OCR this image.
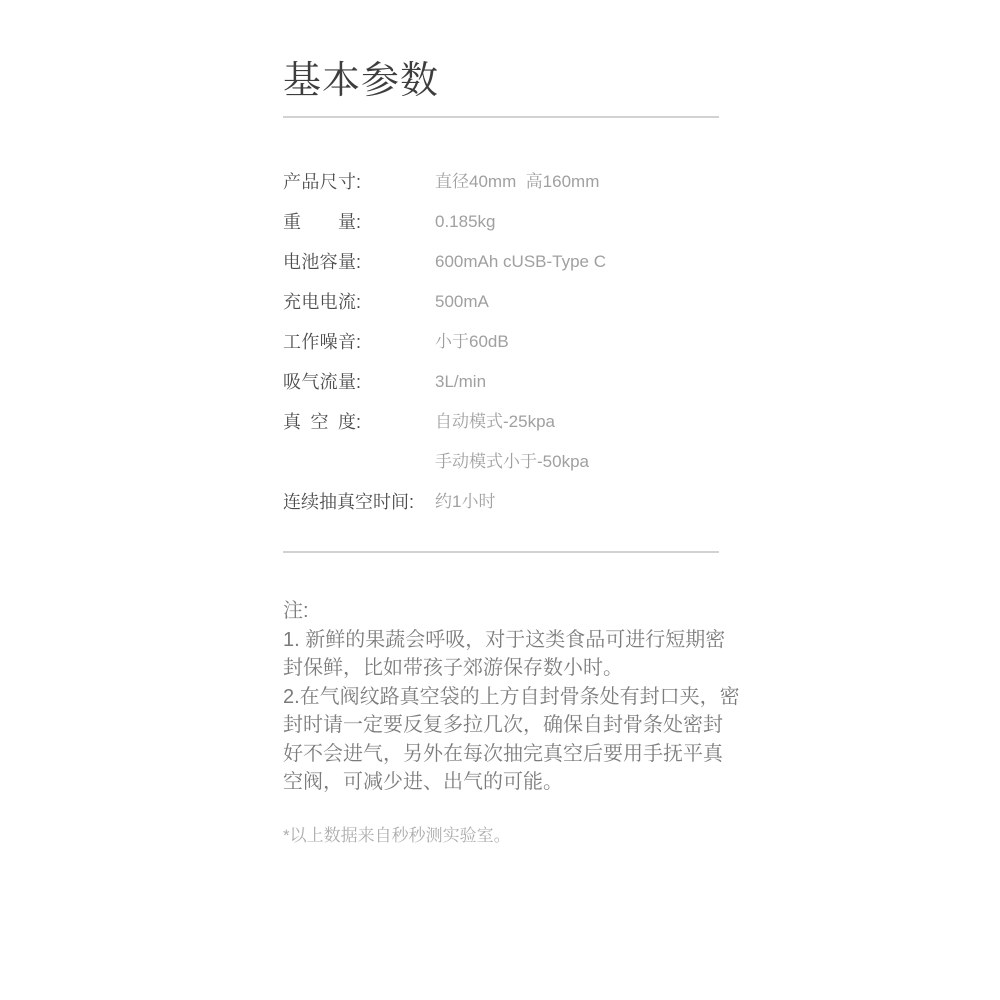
基本参数
产品尺寸:	直径40mm  高160mm
重量:	0.185kg
电池容量:	600mAh cUSB-Type C
充电电流:	500mA
工作噪音:	小于60dB
吸气流量:	3L/min
真空度:	自动模式-25kpa
手动模式小于-50kpa
连续抽真空时间:	约1小时
注:
1. 新鲜的果蔬会呼吸，对于这类食品可进行短期密
封保鲜，比如带孩子郊游保存数小时。
2.在气阀纹路真空袋的上方自封骨条处有封口夹，密
封时请一定要反复多拉几次，确保自封骨条处密封
好不会进气，另外在每次抽完真空后要用手抚平真
空阀，可减少进、出气的可能。
*以上数据来自秒秒测实验室。
